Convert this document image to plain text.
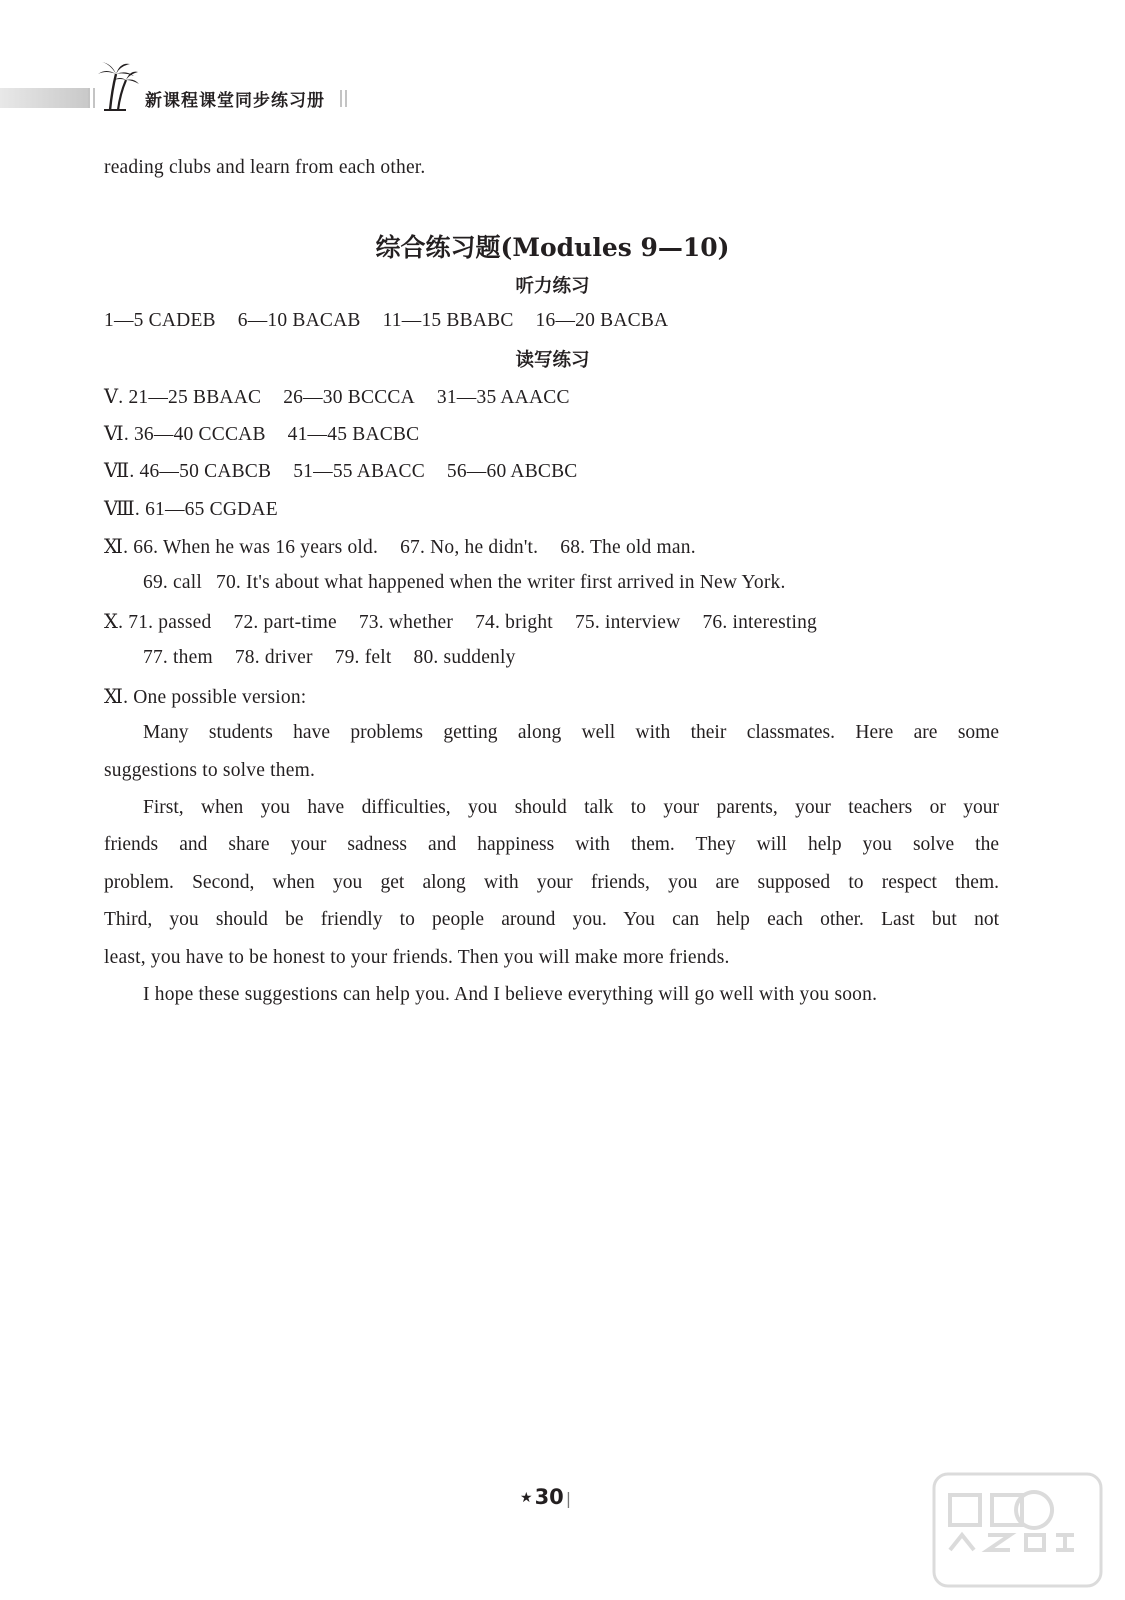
新课程课堂同步练习册
reading clubs and learn from each other.
综合练习题(Modules 9—10)
听力练习
1—5 CADEB 6—10 BACAB 11—15 BBABC 16—20 BACBA
读写练习
Ⅴ. 21—25 BBAAC 26—30 BCCCA 31—35 AAACC
Ⅵ. 36—40 CCCAB 41—45 BACBC
Ⅶ. 46—50 CABCB 51—55 ABACC 56—60 ABCBC
Ⅷ. 61—65 CGDAE
Ⅺ. 66. When he was 16 years old. 67. No, he didn't. 68. The old man.
69. call 70. It's about what happened when the writer first arrived in New York.
Ⅹ. 71. passed 72. part-time 73. whether 74. bright 75. interview 76. interesting
77. them 78. driver 79. felt 80. suddenly
Ⅺ. One possible version:
Many students have problems getting along well with their classmates. Here are some
suggestions to solve them.
First, when you have difficulties, you should talk to your parents, your teachers or your
friends and share your sadness and happiness with them. They will help you solve the
problem. Second, when you get along with your friends, you are supposed to respect them.
Third, you should be friendly to people around you. You can help each other. Last but not
least, you have to be honest to your friends. Then you will make more friends.
I hope these suggestions can help you. And I believe everything will go well with you soon.
★30 |
